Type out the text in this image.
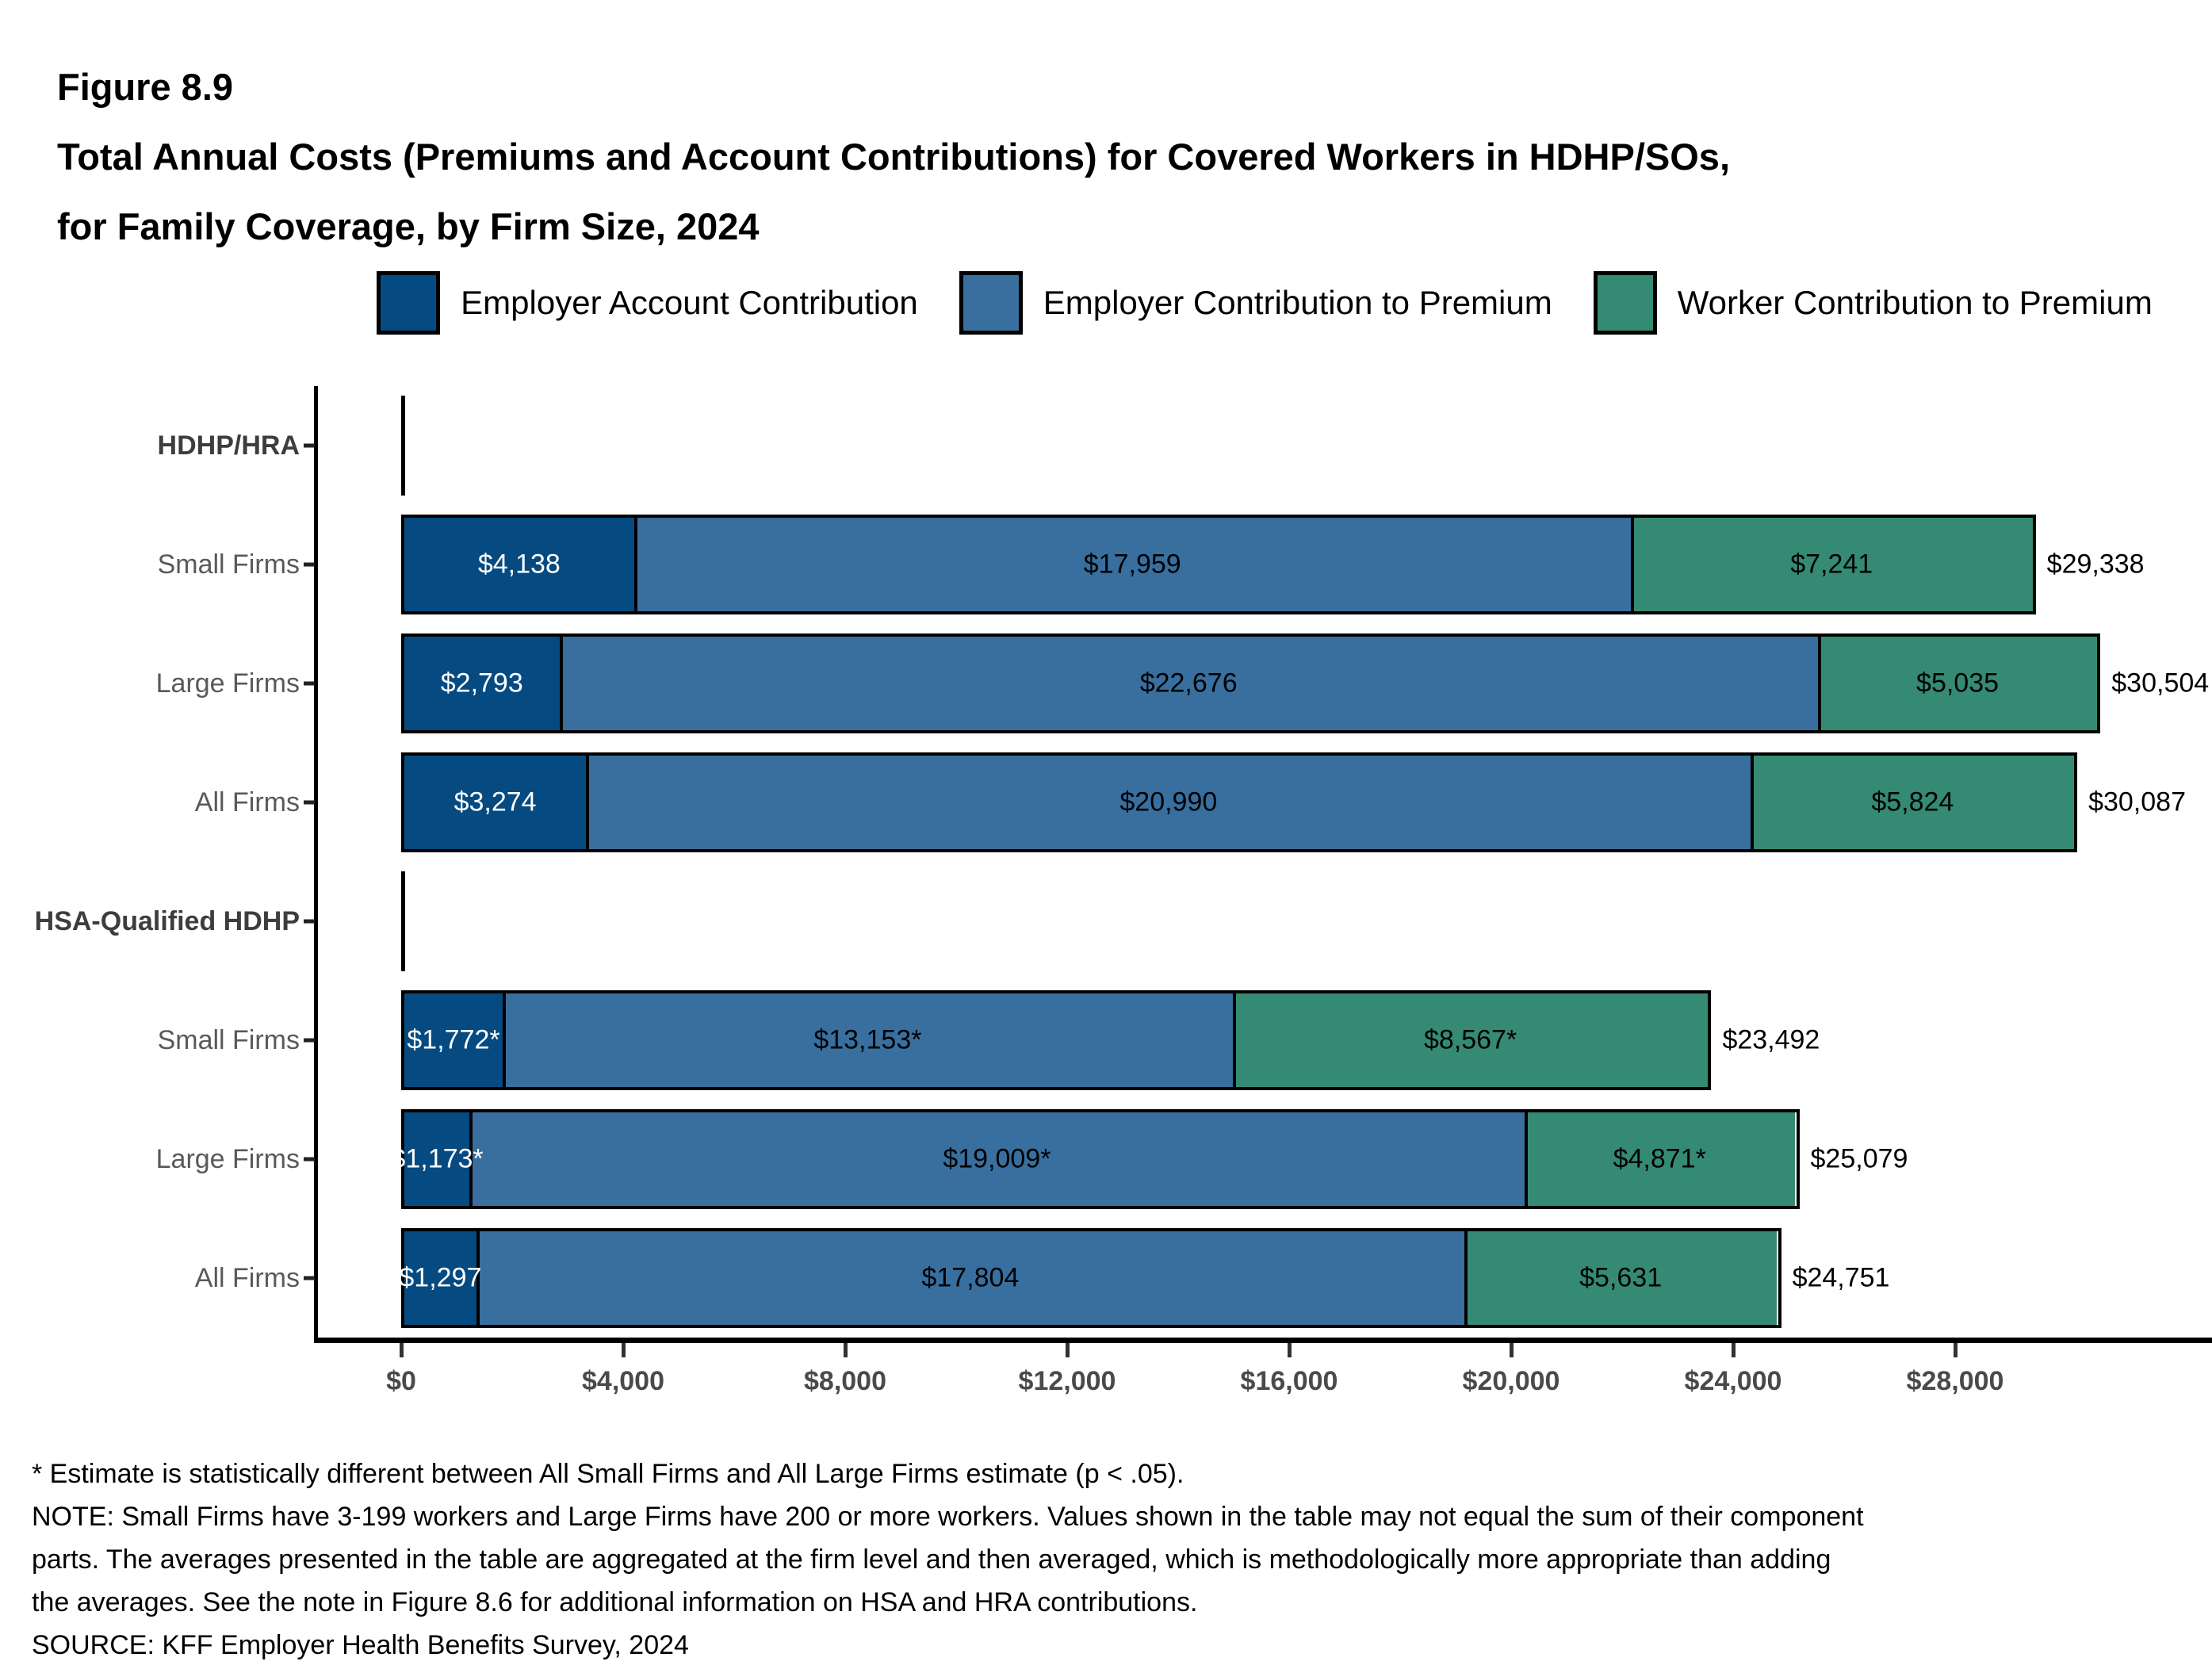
Figure 8.9
Total Annual Costs (Premiums and Account Contributions) for Covered Workers in HDHP/SOs,
for Family Coverage, by Firm Size, 2024
Employer Account Contribution	Employer Contribution to Premium	Worker Contribution to Premium
HDHP/HRA
Small Firms	$4,138	$17,959	$7,241	$29,338
Large Firms	$2,793	$22,676	$5,035	$30,504
All Firms	$3,274	$20,990	$5,824	$30,087
HSA-Qualified HDHP
Small Firms	$1,772*	$13,153*	$8,567*	$23,492
Large Firms	$1,173*	$19,009*	$4,871*	$25,079
All Firms	$1,297	$17,804	$5,631	$24,751
$0	$4,000	$8,000	$12,000	$16,000	$20,000	$24,000	$28,000
* Estimate is statistically different between All Small Firms and All Large Firms estimate (p < .05).
NOTE: Small Firms have 3-199 workers and Large Firms have 200 or more workers. Values shown in the table may not equal the sum of their component
parts. The averages presented in the table are aggregated at the firm level and then averaged, which is methodologically more appropriate than adding
the averages. See the note in Figure 8.6 for additional information on HSA and HRA contributions.
SOURCE: KFF Employer Health Benefits Survey, 2024
